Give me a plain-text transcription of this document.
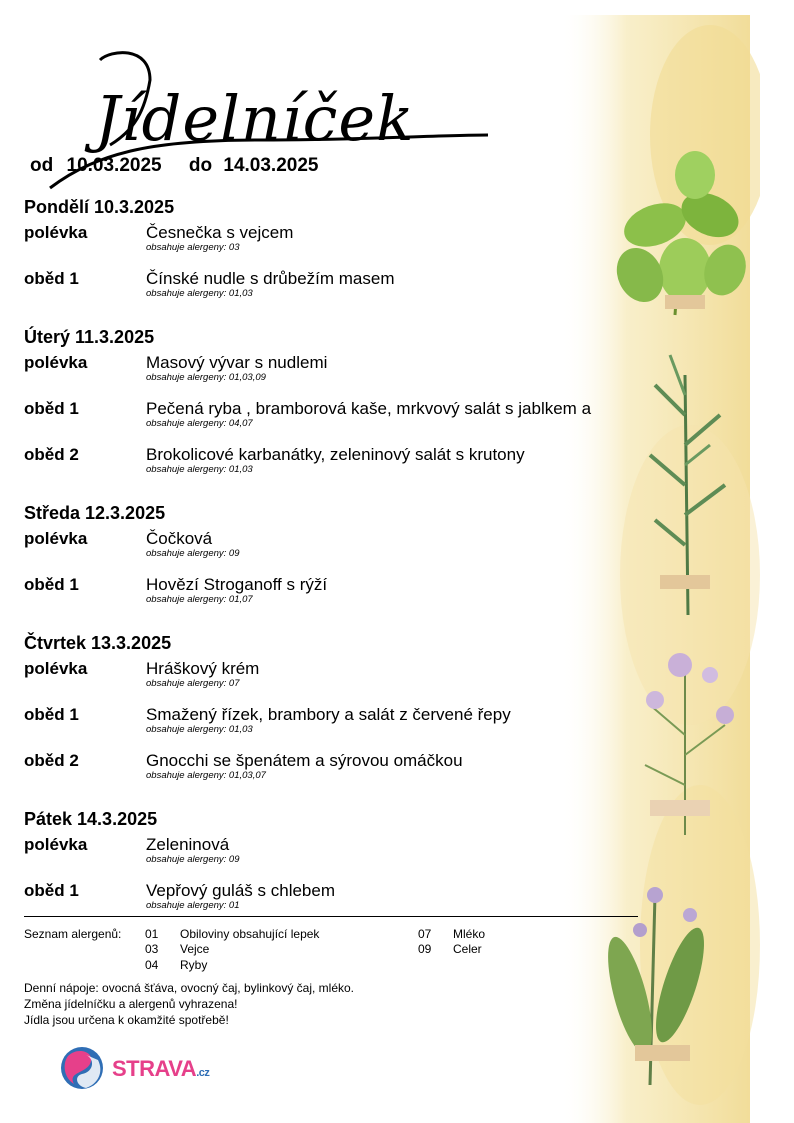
Jídelníček
od 10.03.2025 do 14.03.2025
Pondělí 10.3.2025
polévka	Česnečka s vejcem
obsahuje alergeny: 03
oběd 1	Čínské nudle s drůbežím masem
obsahuje alergeny: 01,03
Úterý 11.3.2025
polévka	Masový vývar s nudlemi
obsahuje alergeny: 01,03,09
oběd 1	Pečená ryba , bramborová kaše, mrkvový salát s jablkem a
obsahuje alergeny: 04,07
oběd 2	Brokolicové karbanátky, zeleninový salát s krutony
obsahuje alergeny: 01,03
Středa 12.3.2025
polévka	Čočková
obsahuje alergeny: 09
oběd 1	Hovězí Stroganoff s rýží
obsahuje alergeny: 01,07
Čtvrtek 13.3.2025
polévka	Hráškový krém
obsahuje alergeny: 07
oběd 1	Smažený řízek, brambory a salát z červené řepy
obsahuje alergeny: 01,03
oběd 2	Gnocchi se špenátem a sýrovou omáčkou
obsahuje alergeny: 01,03,07
Pátek 14.3.2025
polévka	Zeleninová
obsahuje alergeny: 09
oběd 1	Vepřový guláš s chlebem
obsahuje alergeny: 01
Seznam alergenů: 01 Obiloviny obsahující lepek
03 Vejce
04 Ryby
07 Mléko
09 Celer
Denní nápoje: ovocná šťáva, ovocný čaj, bylinkový čaj, mléko.
Změna jídelníčku a alergenů vyhrazena!
Jídla jsou určena k okamžité spotřebě!
STRAVA.cz
